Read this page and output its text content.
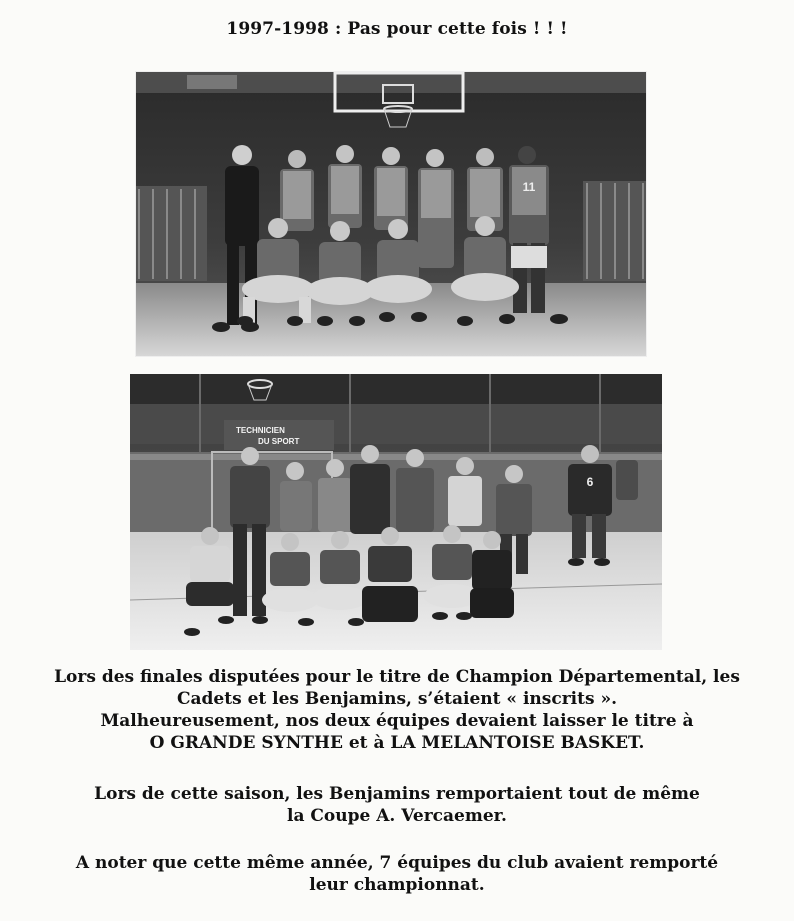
1997-1998 : Pas pour cette fois ! ! !
11
TECHNICIEN
DU SPORT
6
Lors des finales disputées pour le titre de Champion Départemental, les
Cadets et les Benjamins, s’étaient « inscrits ».
Malheureusement, nos deux équipes devaient laisser le titre à
O GRANDE SYNTHE et à LA MELANTOISE BASKET.
Lors de cette saison, les Benjamins remportaient tout de même
la Coupe A. Vercaemer.
A noter que cette même année, 7 équipes du club avaient remporté
leur championnat.
